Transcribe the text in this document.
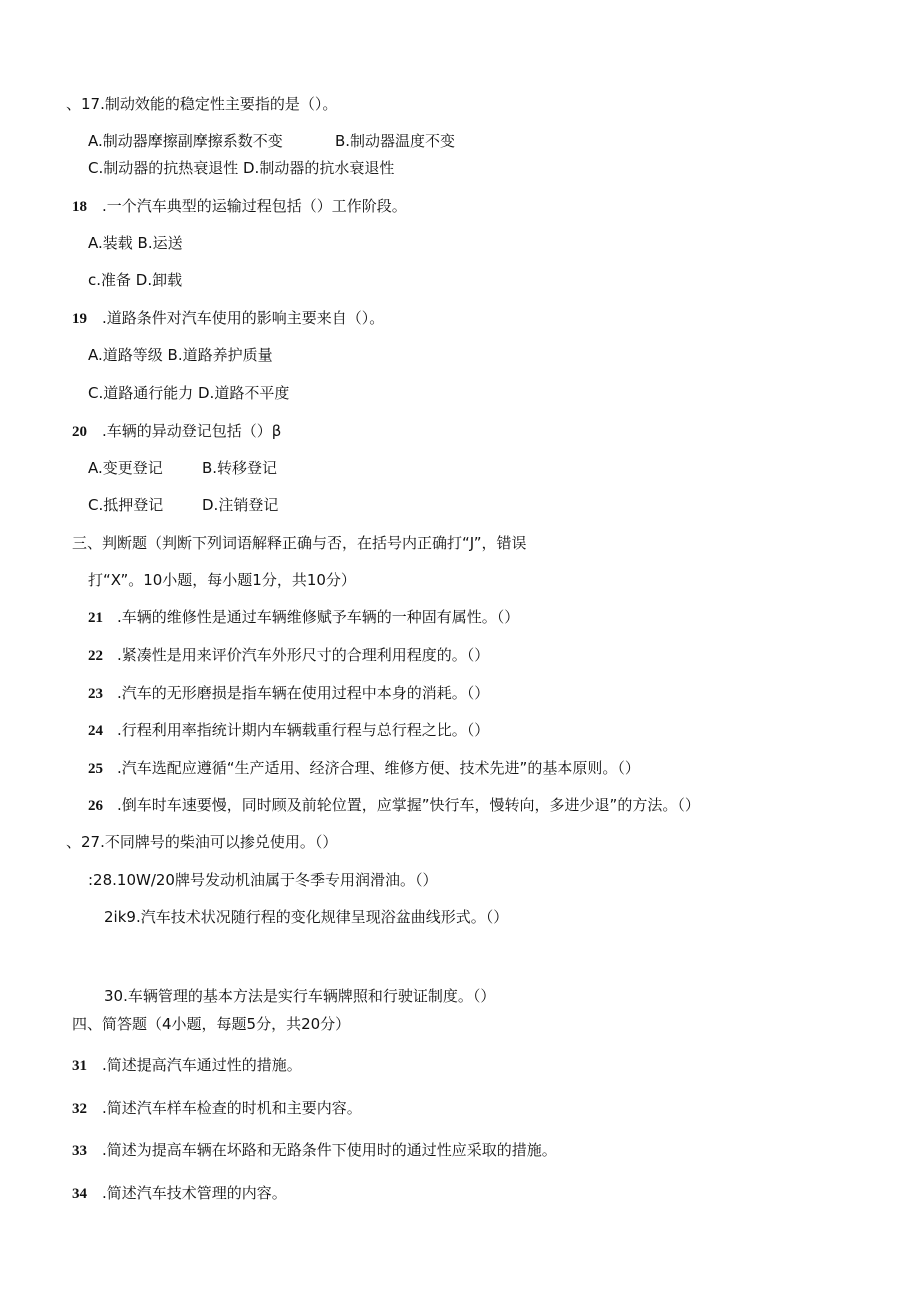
、17.制动效能的稳定性主要指的是（）。
A.制动器摩擦副摩擦系数不变	B.制动器温度不变
C.制动器的抗热衰退性 D.制动器的抗水衰退性
18 .一个汽车典型的运输过程包括（）工作阶段。
A.装载 B.运送
c.准备 D.卸载
19 .道路条件对汽车使用的影响主要来自（）。
A.道路等级 B.道路养护质量
C.道路通行能力 D.道路不平度
20 .车辆的异动登记包括（）β
A.变更登记	B.转移登记
C.抵押登记	D.注销登记
三、判断题（判断下列词语解释正确与否，在括号内正确打“J”，错误
打“X”。10小题，每小题1分，共10分）
21 .车辆的维修性是通过车辆维修赋予车辆的一种固有属性。（）
22 .紧凑性是用来评价汽车外形尺寸的合理利用程度的。（）
23 .汽车的无形磨损是指车辆在使用过程中本身的消耗。（）
24 .行程利用率指统计期内车辆载重行程与总行程之比。（）
25 .汽车选配应遵循“生产适用、经济合理、维修方便、技术先进”的基本原则。（）
26 .倒车时车速要慢，同时顾及前轮位置，应掌握”快行车，慢转向，多进少退”的方法。（）
、27.不同牌号的柴油可以掺兑使用。（）
:28.10W/20牌号发动机油属于冬季专用润滑油。（）
2ik9.汽车技术状况随行程的变化规律呈现浴盆曲线形式。（）
30.车辆管理的基本方法是实行车辆牌照和行驶证制度。（）
四、简答题（4小题，每题5分，共20分）
31 .简述提高汽车通过性的措施。
32 .简述汽车样车检查的时机和主要内容。
33 .简述为提高车辆在坏路和无路条件下使用时的通过性应采取的措施。
34 .简述汽车技术管理的内容。
